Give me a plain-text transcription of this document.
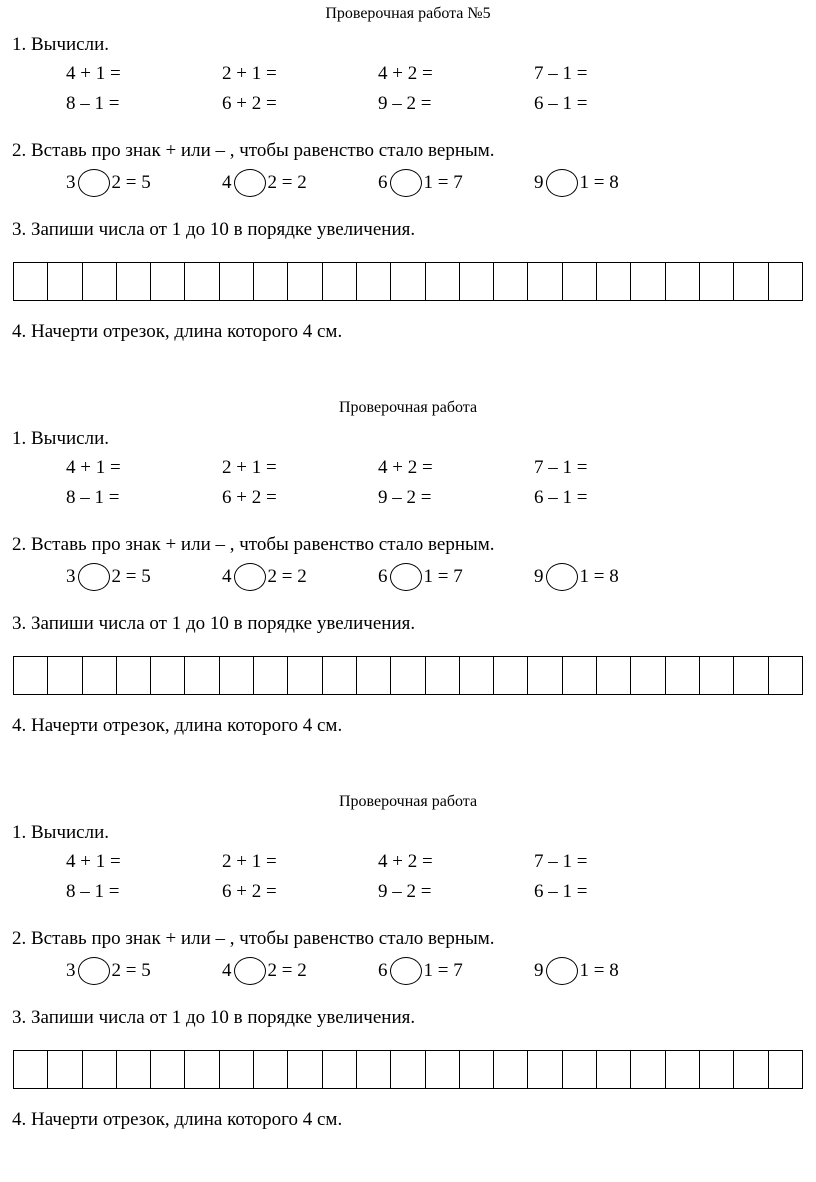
Проверочная работа №5
1. Вычисли.
4 + 1 =	2 + 1 =	4 + 2 =	7 – 1 =
8 – 1 =	6 + 2 =	9 – 2 =	6 – 1 =
2. Вставь про знак + или – , чтобы равенство стало верным.
3 2 = 5	4 2 = 2	6 1 = 7	9 1 = 8
3. Запиши числа от 1 до 10 в порядке увеличения.
4. Начерти отрезок, длина которого 4 см.
Проверочная работа
1. Вычисли.
4 + 1 =	2 + 1 =	4 + 2 =	7 – 1 =
8 – 1 =	6 + 2 =	9 – 2 =	6 – 1 =
2. Вставь про знак + или – , чтобы равенство стало верным.
3 2 = 5	4 2 = 2	6 1 = 7	9 1 = 8
3. Запиши числа от 1 до 10 в порядке увеличения.
4. Начерти отрезок, длина которого 4 см.
Проверочная работа
1. Вычисли.
4 + 1 =	2 + 1 =	4 + 2 =	7 – 1 =
8 – 1 =	6 + 2 =	9 – 2 =	6 – 1 =
2. Вставь про знак + или – , чтобы равенство стало верным.
3 2 = 5	4 2 = 2	6 1 = 7	9 1 = 8
3. Запиши числа от 1 до 10 в порядке увеличения.
4. Начерти отрезок, длина которого 4 см.
